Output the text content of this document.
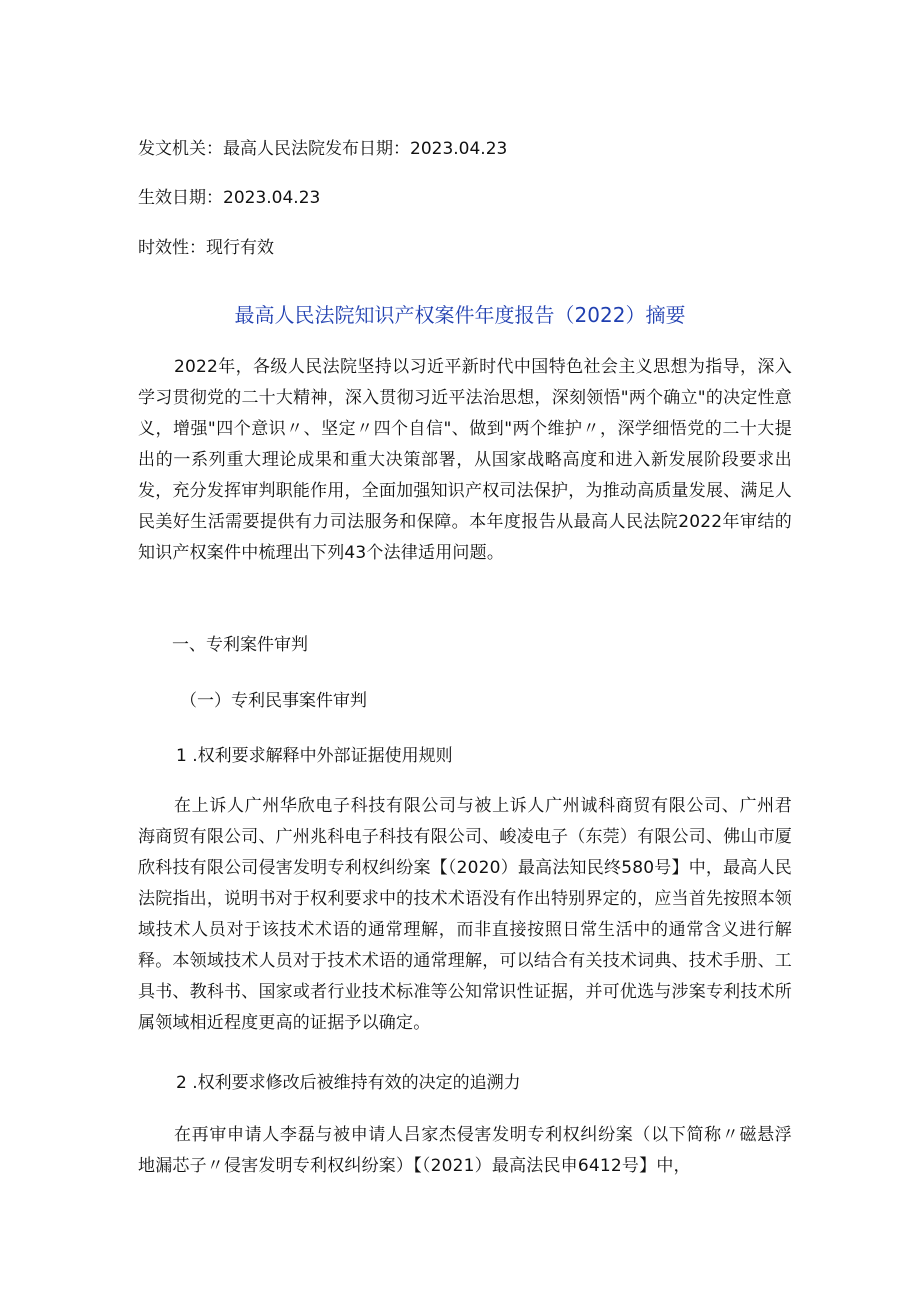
发文机关：最高人民法院发布日期：2023.04.23
生效日期：2023.04.23
时效性：现行有效
最高人民法院知识产权案件年度报告（2022）摘要
2022年，各级人民法院坚持以习近平新时代中国特色社会主义思想为指导，深入学习贯彻党的二十大精神，深入贯彻习近平法治思想，深刻领悟"两个确立"的决定性意义，增强"四个意识〃、坚定〃四个自信"、做到"两个维护〃，深学细悟党的二十大提出的一系列重大理论成果和重大决策部署，从国家战略高度和进入新发展阶段要求出发，充分发挥审判职能作用，全面加强知识产权司法保护，为推动高质量发展、满足人民美好生活需要提供有力司法服务和保障。本年度报告从最高人民法院2022年审结的知识产权案件中梳理出下列43个法律适用问题。
一、专利案件审判
（一）专利民事案件审判
1 .权利要求解释中外部证据使用规则
在上诉人广州华欣电子科技有限公司与被上诉人广州诚科商贸有限公司、广州君海商贸有限公司、广州兆科电子科技有限公司、峻凌电子（东莞）有限公司、佛山市厦欣科技有限公司侵害发明专利权纠纷案【（2020）最高法知民终580号】中，最高人民法院指出，说明书对于权利要求中的技术术语没有作出特别界定的，应当首先按照本领域技术人员对于该技术术语的通常理解，而非直接按照日常生活中的通常含义进行解释。本领域技术人员对于技术术语的通常理解，可以结合有关技术词典、技术手册、工具书、教科书、国家或者行业技术标准等公知常识性证据，并可优选与涉案专利技术所属领域相近程度更高的证据予以确定。
2 .权利要求修改后被维持有效的决定的追溯力
在再审申请人李磊与被申请人吕家杰侵害发明专利权纠纷案（以下简称〃磁悬浮地漏芯子〃侵害发明专利权纠纷案）【（2021）最高法民申6412号】中，
